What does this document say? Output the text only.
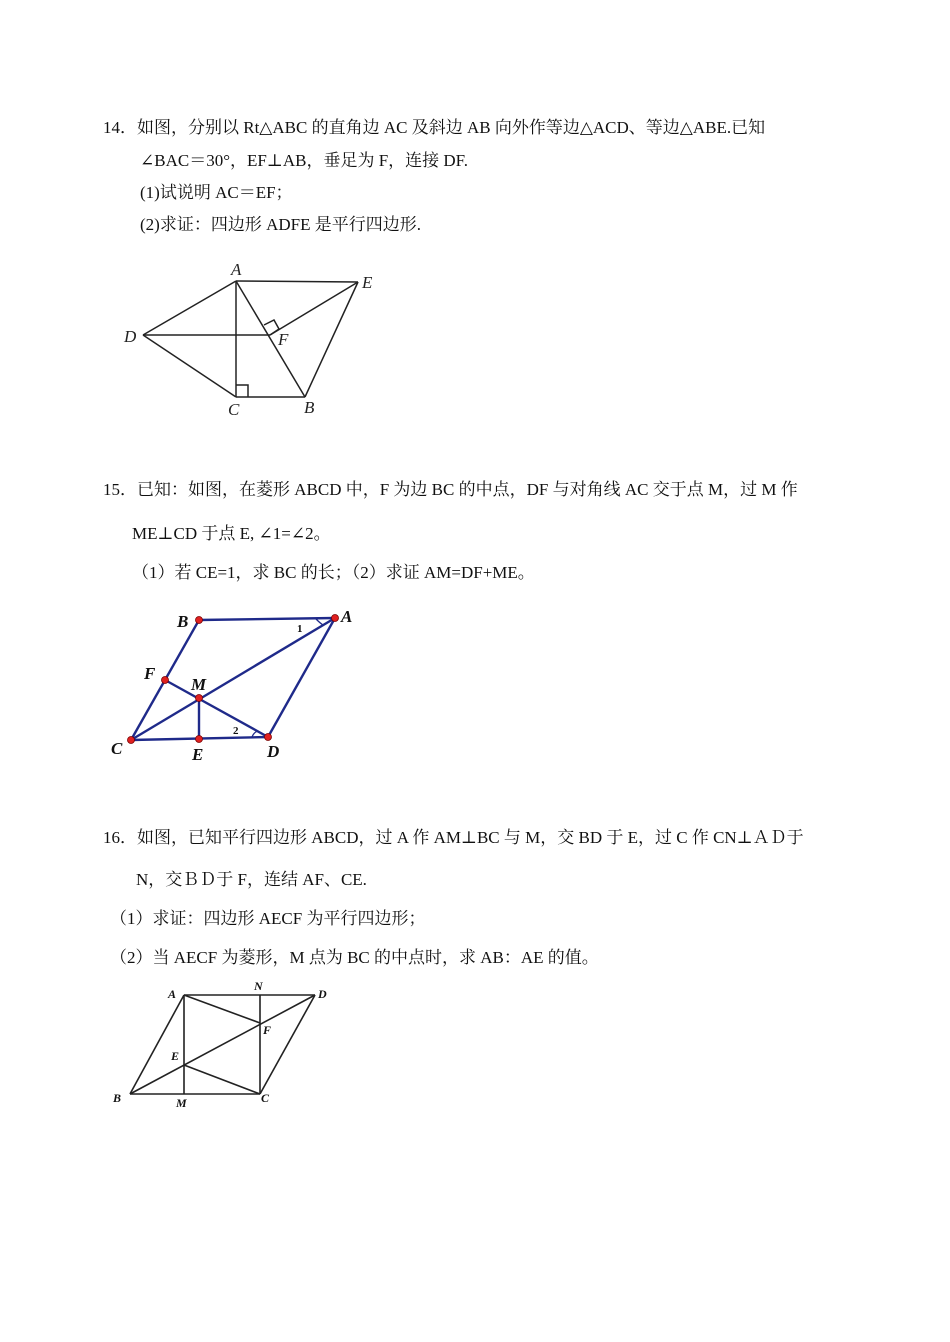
14．如图，分别以 Rt△ABC 的直角边 AC 及斜边 AB 向外作等边△ACD、等边△ABE.已知
∠BAC＝30°，EF⊥AB，垂足为 F，连接 DF.
(1)试说明 AC＝EF；
(2)求证：四边形 ADFE 是平行四边形.
A
E
D	F
C	B
15．已知：如图，在菱形 ABCD 中，F 为边 BC 的中点，DF 与对角线 AC 交于点 M，过 M 作
ME⊥CD 于点 E, ∠1=∠2。
（1）若 CE=1，求 BC 的长；（2）求证 AM=DF+ME。
B	A
1
F
M
2
C	E	D
16．如图，已知平行四边形 ABCD，过 A 作 AM⊥BC 与 M，交 BD 于 E，过 C 作 CN⊥ＡＤ于
N，交ＢＤ于 F，连结 AF、CE.
（1）求证：四边形 AECF 为平行四边形；
（2）当 AECF 为菱形，M 点为 BC 的中点时，求 AB：AE 的值。
A
N
D
F
E
B	M	C
